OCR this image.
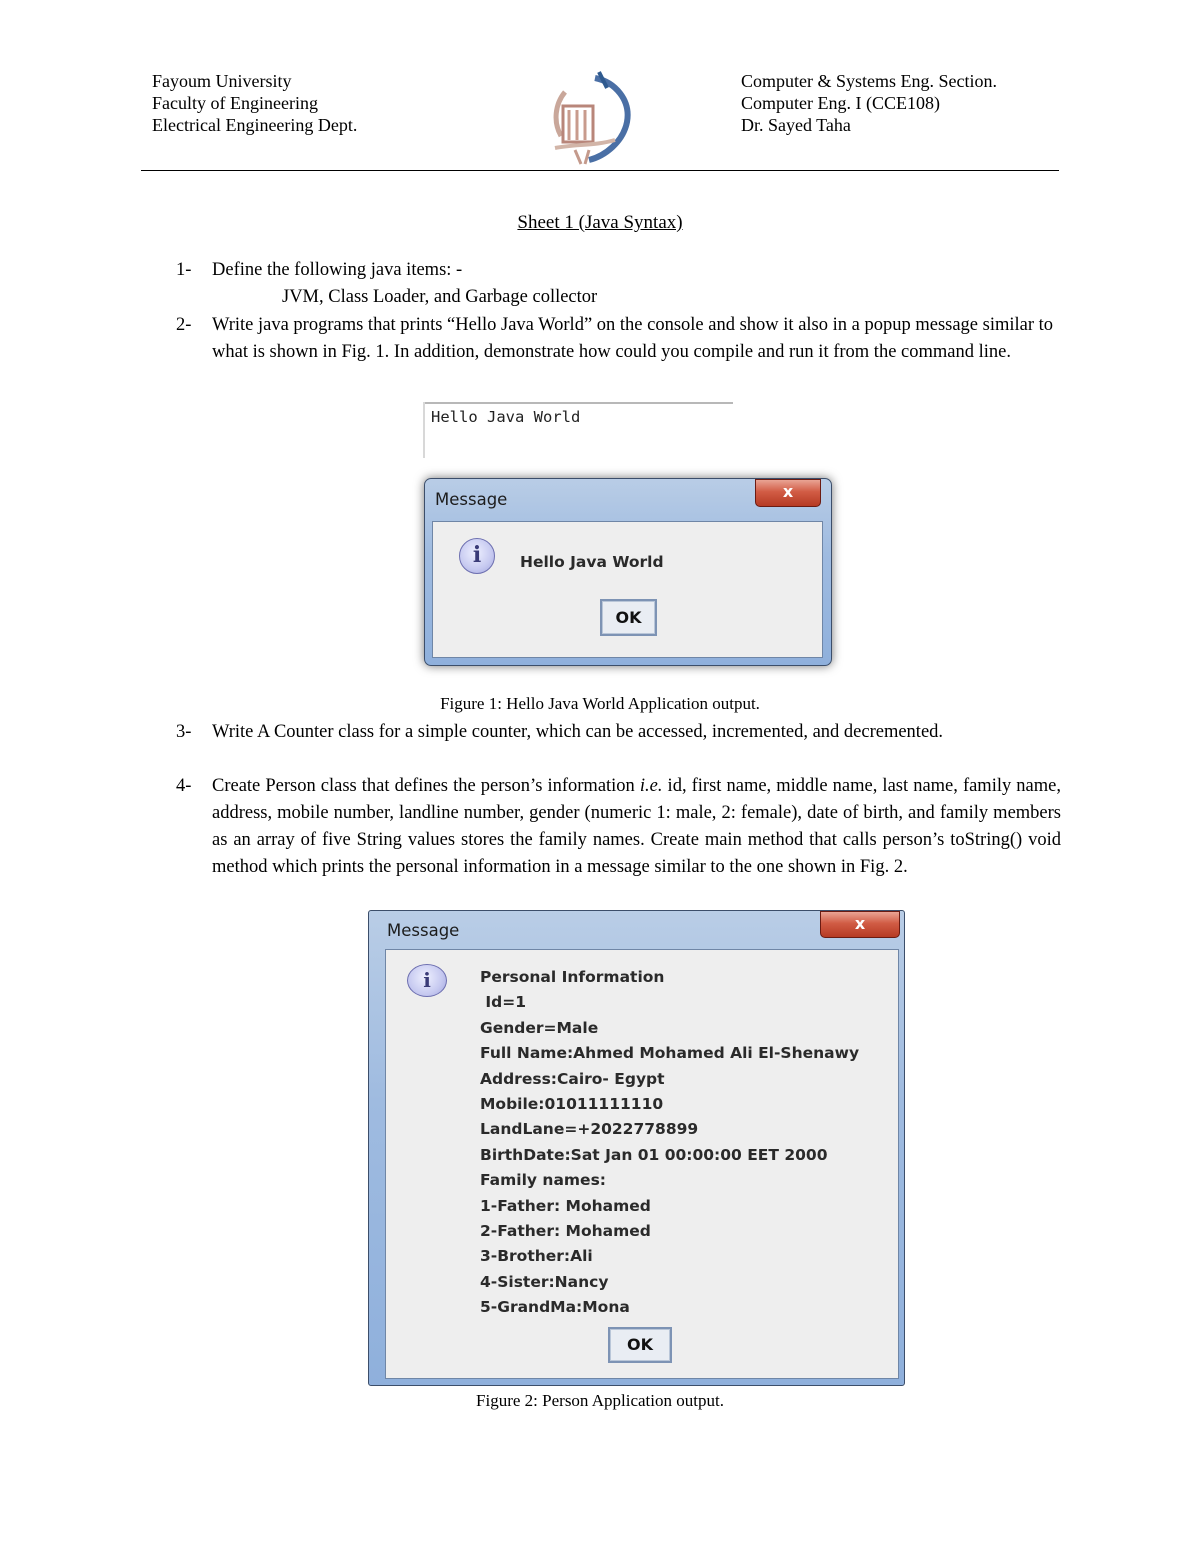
Fayoum University
Faculty of Engineering
Electrical Engineering Dept.
Computer & Systems Eng. Section.
Computer Eng. I (CCE108)
Dr. Sayed Taha
Sheet 1 (Java Syntax)
1-	Define the following java items: -
JVM, Class Loader, and Garbage collector
2-	Write java programs that prints “Hello Java World” on the console and show it also in a popup message similar to what is shown in Fig. 1. In addition, demonstrate how could you compile and run it from the command line.
Hello Java World
Message	x
i	Hello Java World
OK
Figure 1: Hello Java World Application output.
3-	Write A Counter class for a simple counter, which can be accessed, incremented, and decremented.
4-	Create Person class that defines the person’s information i.e. id, first name, middle name, last name, family name, address, mobile number, landline number, gender (numeric 1: male, 2: female), date of birth, and family members as an array of five String values stores the family names. Create main method that calls person’s toString() void method which prints the personal information in a message similar to the one shown in Fig. 2.
Message	x
i	Personal Information
Id=1
Gender=Male
Full Name:Ahmed Mohamed Ali El-Shenawy
Address:Cairo- Egypt
Mobile:01011111110
LandLane=+2022778899
BirthDate:Sat Jan 01 00:00:00 EET 2000
Family names:
1-Father: Mohamed
2-Father: Mohamed
3-Brother:Ali
4-Sister:Nancy
5-GrandMa:Mona
OK
Figure 2: Person Application output.
